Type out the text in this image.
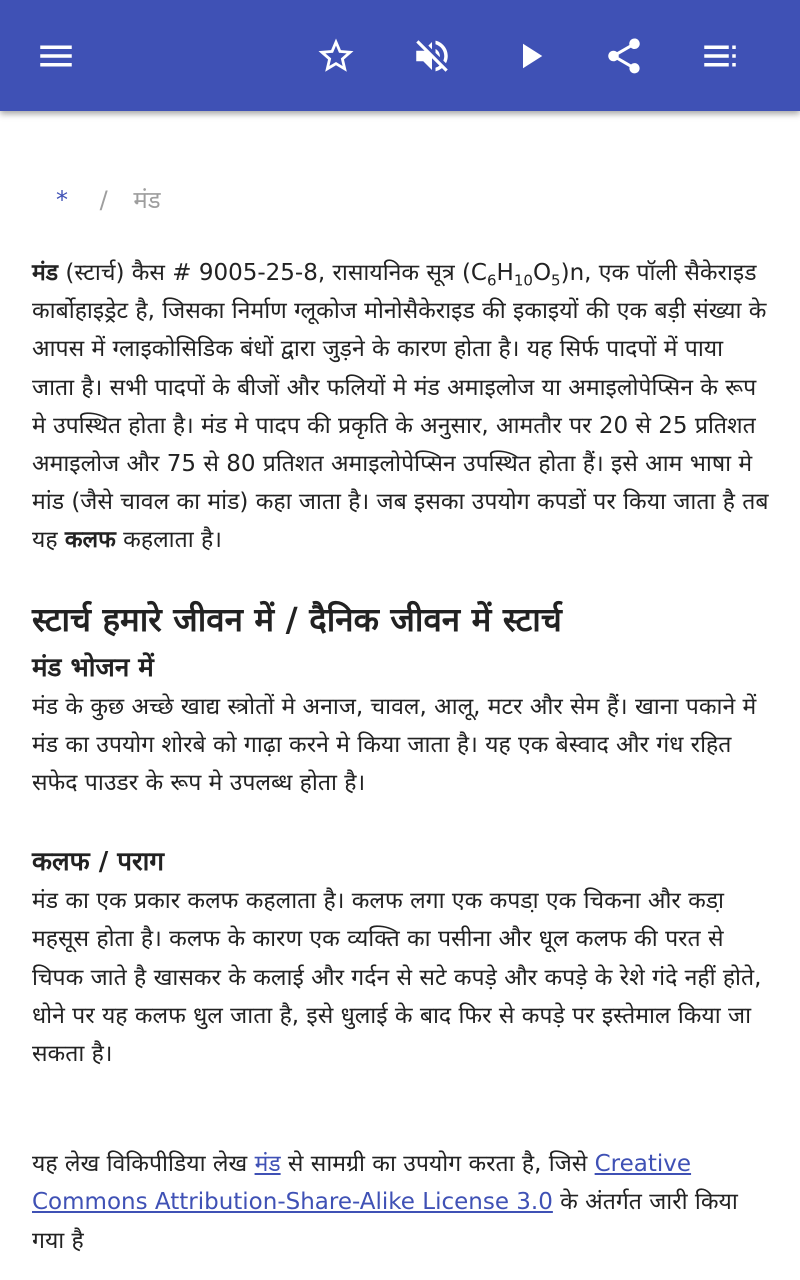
* / मंड

मंड (स्टार्च) कैस # 9005-25-8, रासायनिक सूत्र $(C_6H_{10}O_5)n$, एक पॉली सैकेराइड कार्बोहाइड्रेट है, जिसका निर्माण ग्लूकोज मोनोसैकेराइड की इकाइयों की एक बड़ी संख्या के आपस में ग्लाइकोसिडिक बंधों द्वारा जुड़ने के कारण होता है। यह सिर्फ पादपों में पाया जाता है। सभी पादपों के बीजों और फलियों मे मंड अमाइलोज या अमाइलोपेप्सिन के रूप मे उपस्थित होता है। मंड मे पादप की प्रकृति के अनुसार, आमतौर पर 20 से 25 प्रतिशत अमाइलोज और 75 से 80 प्रतिशत अमाइलोपेप्सिन उपस्थित होता हैं। इसे आम भाषा मे मांड (जैसे चावल का मांड) कहा जाता है। जब इसका उपयोग कपडों पर किया जाता है तब यह कलफ कहलाता है।

स्टार्च हमारे जीवन में / दैनिक जीवन में स्टार्च
मंड भोजन में

मंड के कुछ अच्छे खाद्य स्त्रोतों मे अनाज, चावल, आलू, मटर और सेम हैं। खाना पकाने में मंड का उपयोग शोरबे को गाढ़ा करने मे किया जाता है। यह एक बेस्वाद और गंध रहित सफेद पाउडर के रूप मे उपलब्ध होता है।

कलफ / पराग

मंड का एक प्रकार कलफ कहलाता है। कलफ लगा एक कपडा़ एक चिकना और कडा़ महसूस होता है। कलफ के कारण एक व्यक्ति का पसीना और धूल कलफ की परत से चिपक जाते है खासकर के कलाई और गर्दन से सटे कपड़े और कपड़े के रेशे गंदे नहीं होते, धोने पर यह कलफ धुल जाता है, इसे धुलाई के बाद फिर से कपड़े पर इस्तेमाल किया जा सकता है।

यह लेख विकिपीडिया लेख मंड से सामग्री का उपयोग करता है, जिसे Creative Commons Attribution-Share-Alike License 3.0 के अंतर्गत जारी किया गया है
